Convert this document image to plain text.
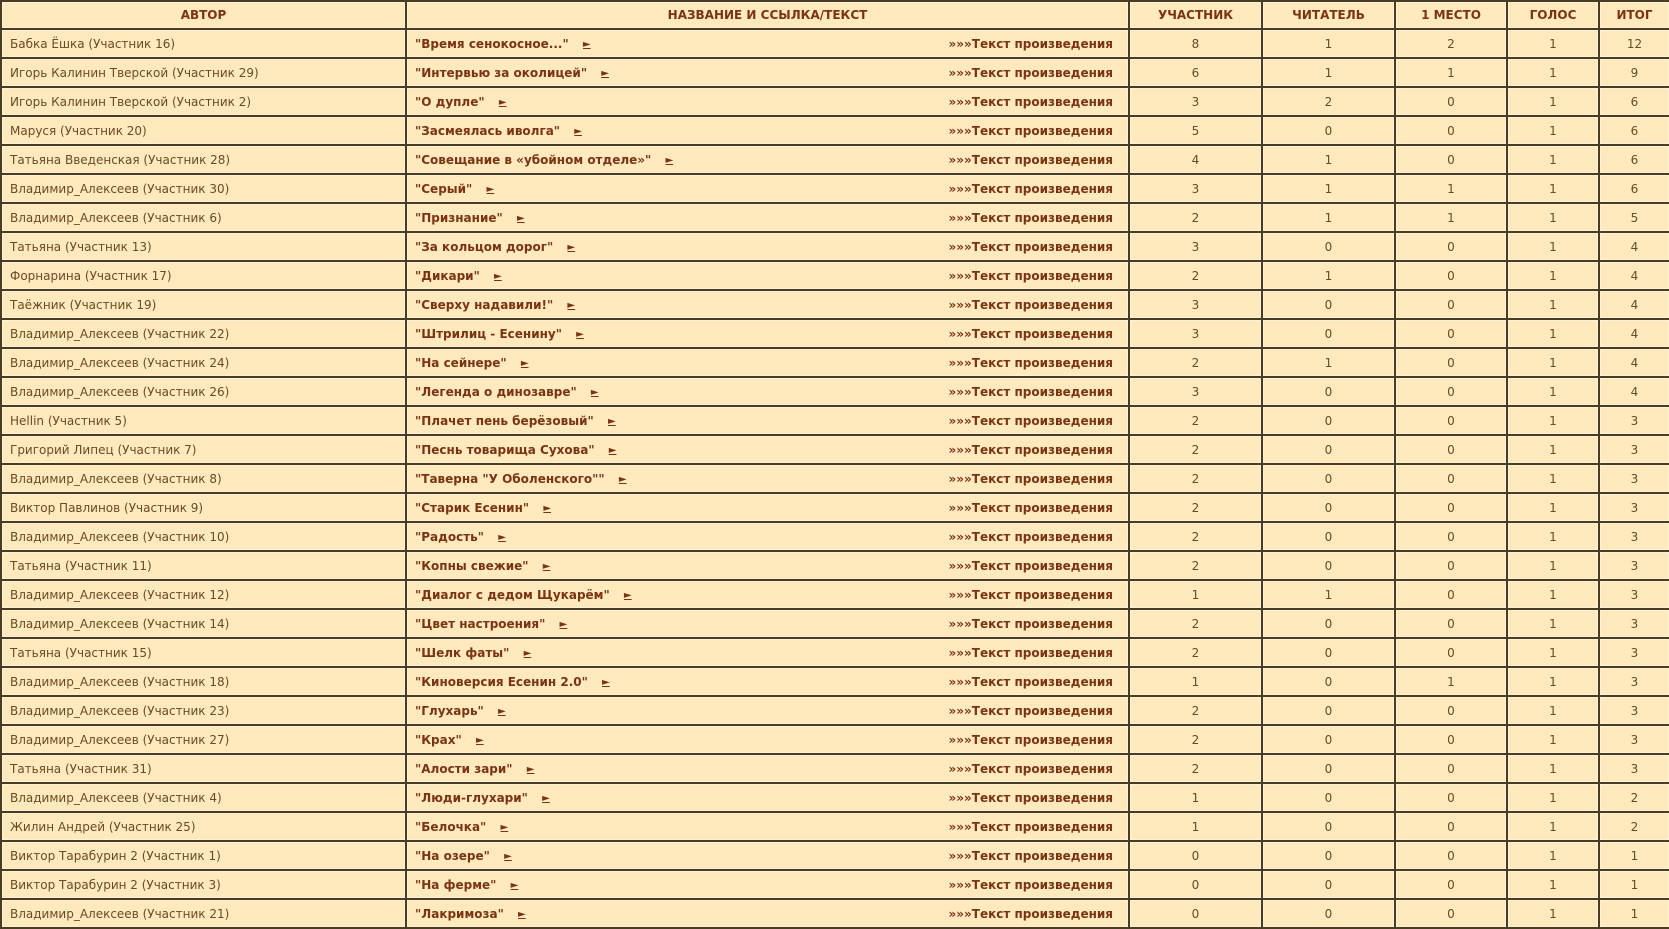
АВТОР	НАЗВАНИЕ И ССЫЛКА/ТЕКСТ	УЧАСТНИК	ЧИТАТЕЛЬ	1 МЕСТО	ГОЛОС	ИТОГ
Бабка Ёшка (Участник 16)	"Время сенокосное..." ► »»»Текст произведения	8	1	2	1	12
Игорь Калинин Тверской (Участник 29)	"Интервью за околицей" ► »»»Текст произведения	6	1	1	1	9
Игорь Калинин Тверской (Участник 2)	"О дупле" ► »»»Текст произведения	3	2	0	1	6
Маруся (Участник 20)	"Засмеялась иволга" ► »»»Текст произведения	5	0	0	1	6
Татьяна Введенская (Участник 28)	"Совещание в «убойном отделе»" ► »»»Текст произведения	4	1	0	1	6
Владимир_Алексеев (Участник 30)	"Серый" ► »»»Текст произведения	3	1	1	1	6
Владимир_Алексеев (Участник 6)	"Признание" ► »»»Текст произведения	2	1	1	1	5
Татьяна (Участник 13)	"За кольцом дорог" ► »»»Текст произведения	3	0	0	1	4
Форнарина (Участник 17)	"Дикари" ► »»»Текст произведения	2	1	0	1	4
Таёжник (Участник 19)	"Сверху надавили!" ► »»»Текст произведения	3	0	0	1	4
Владимир_Алексеев (Участник 22)	"Штрилиц - Есенину" ► »»»Текст произведения	3	0	0	1	4
Владимир_Алексеев (Участник 24)	"На сейнере" ► »»»Текст произведения	2	1	0	1	4
Владимир_Алексеев (Участник 26)	"Легенда о динозавре" ► »»»Текст произведения	3	0	0	1	4
Hellin (Участник 5)	"Плачет пень берёзовый" ► »»»Текст произведения	2	0	0	1	3
Григорий Липец (Участник 7)	"Песнь товарища Сухова" ► »»»Текст произведения	2	0	0	1	3
Владимир_Алексеев (Участник 8)	"Таверна "У Оболенского"" ► »»»Текст произведения	2	0	0	1	3
Виктор Павлинов (Участник 9)	"Старик Есенин" ► »»»Текст произведения	2	0	0	1	3
Владимир_Алексеев (Участник 10)	"Радость" ► »»»Текст произведения	2	0	0	1	3
Татьяна (Участник 11)	"Копны свежие" ► »»»Текст произведения	2	0	0	1	3
Владимир_Алексеев (Участник 12)	"Диалог с дедом Щукарём" ► »»»Текст произведения	1	1	0	1	3
Владимир_Алексеев (Участник 14)	"Цвет настроения" ► »»»Текст произведения	2	0	0	1	3
Татьяна (Участник 15)	"Шелк фаты" ► »»»Текст произведения	2	0	0	1	3
Владимир_Алексеев (Участник 18)	"Киноверсия Есенин 2.0" ► »»»Текст произведения	1	0	1	1	3
Владимир_Алексеев (Участник 23)	"Глухарь" ► »»»Текст произведения	2	0	0	1	3
Владимир_Алексеев (Участник 27)	"Крах" ► »»»Текст произведения	2	0	0	1	3
Татьяна (Участник 31)	"Алости зари" ► »»»Текст произведения	2	0	0	1	3
Владимир_Алексеев (Участник 4)	"Люди-глухари" ► »»»Текст произведения	1	0	0	1	2
Жилин Андрей (Участник 25)	"Белочка" ► »»»Текст произведения	1	0	0	1	2
Виктор Тарабурин 2 (Участник 1)	"На озере" ► »»»Текст произведения	0	0	0	1	1
Виктор Тарабурин 2 (Участник 3)	"На ферме" ► »»»Текст произведения	0	0	0	1	1
Владимир_Алексеев (Участник 21)	"Лакримоза" ► »»»Текст произведения	0	0	0	1	1
